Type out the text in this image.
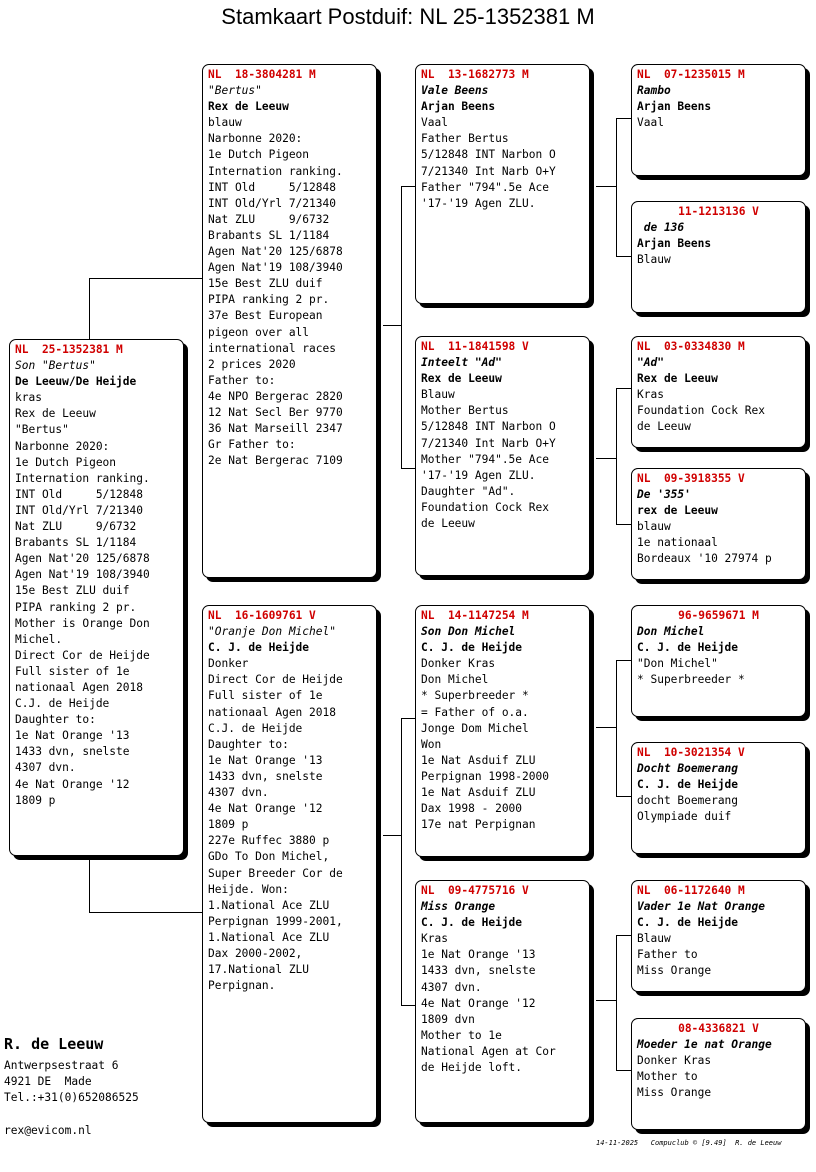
Stamkaart Postduif: NL 25-1352381 M
NL  25-1352381 M
Son "Bertus"
De Leeuw/De Heijde
kras
Rex de Leeuw
"Bertus"
Narbonne 2020:
1e Dutch Pigeon
Internation ranking.
INT Old     5/12848
INT Old/Yrl 7/21340
Nat ZLU     9/6732
Brabants SL 1/1184
Agen Nat'20 125/6878
Agen Nat'19 108/3940
15e Best ZLU duif
PIPA ranking 2 pr.
Mother is Orange Don
Michel.
Direct Cor de Heijde
Full sister of 1e
nationaal Agen 2018
C.J. de Heijde
Daughter to:
1e Nat Orange '13
1433 dvn, snelste
4307 dvn.
4e Nat Orange '12
1809 p
NL  18-3804281 M
"Bertus"
Rex de Leeuw
blauw
Narbonne 2020:
1e Dutch Pigeon
Internation ranking.
INT Old     5/12848
INT Old/Yrl 7/21340
Nat ZLU     9/6732
Brabants SL 1/1184
Agen Nat'20 125/6878
Agen Nat'19 108/3940
15e Best ZLU duif
PIPA ranking 2 pr.
37e Best European
pigeon over all
international races
2 prices 2020
Father to:
4e NPO Bergerac 2820
12 Nat Secl Ber 9770
36 Nat Marseill 2347
Gr Father to:
2e Nat Bergerac 7109
NL  16-1609761 V
"Oranje Don Michel"
C. J. de Heijde
Donker
Direct Cor de Heijde
Full sister of 1e
nationaal Agen 2018
C.J. de Heijde
Daughter to:
1e Nat Orange '13
1433 dvn, snelste
4307 dvn.
4e Nat Orange '12
1809 p
227e Ruffec 3880 p
GDo To Don Michel,
Super Breeder Cor de
Heijde. Won:
1.National Ace ZLU
Perpignan 1999-2001,
1.National Ace ZLU
Dax 2000-2002,
17.National ZLU
Perpignan.
NL  13-1682773 M
Vale Beens
Arjan Beens
Vaal
Father Bertus
5/12848 INT Narbon O
7/21340 Int Narb O+Y
Father "794".5e Ace
'17-'19 Agen ZLU.
NL  11-1841598 V
Inteelt "Ad"
Rex de Leeuw
Blauw
Mother Bertus
5/12848 INT Narbon O
7/21340 Int Narb O+Y
Mother "794".5e Ace
'17-'19 Agen ZLU.
Daughter "Ad".
Foundation Cock Rex
de Leeuw
NL  14-1147254 M
Son Don Michel
C. J. de Heijde
Donker Kras
Don Michel
* Superbreeder *
= Father of o.a.
Jonge Dom Michel
Won
1e Nat Asduif ZLU
Perpignan 1998-2000
1e Nat Asduif ZLU
Dax 1998 - 2000
17e nat Perpignan
NL  09-4775716 V
Miss Orange
C. J. de Heijde
Kras
1e Nat Orange '13
1433 dvn, snelste
4307 dvn.
4e Nat Orange '12
1809 dvn
Mother to 1e
National Agen at Cor
de Heijde loft.
NL  07-1235015 M
Rambo
Arjan Beens
Vaal
11-1213136 V
de 136
Arjan Beens
Blauw
NL  03-0334830 M
"Ad"
Rex de Leeuw
Kras
Foundation Cock Rex
de Leeuw
NL  09-3918355 V
De '355'
rex de Leeuw
blauw
1e nationaal
Bordeaux '10 27974 p
96-9659671 M
Don Michel
C. J. de Heijde
"Don Michel"
* Superbreeder *
NL  10-3021354 V
Docht Boemerang
C. J. de Heijde
docht Boemerang
Olympiade duif
NL  06-1172640 M
Vader 1e Nat Orange
C. J. de Heijde
Blauw
Father to
Miss Orange
08-4336821 V
Moeder 1e nat Orange
Donker Kras
Mother to
Miss Orange
R. de Leeuw
Antwerpsestraat 6
4921 DE  Made
Tel.:+31(0)652086525
rex@evicom.nl
14-11-2025   Compuclub © [9.49]  R. de Leeuw
